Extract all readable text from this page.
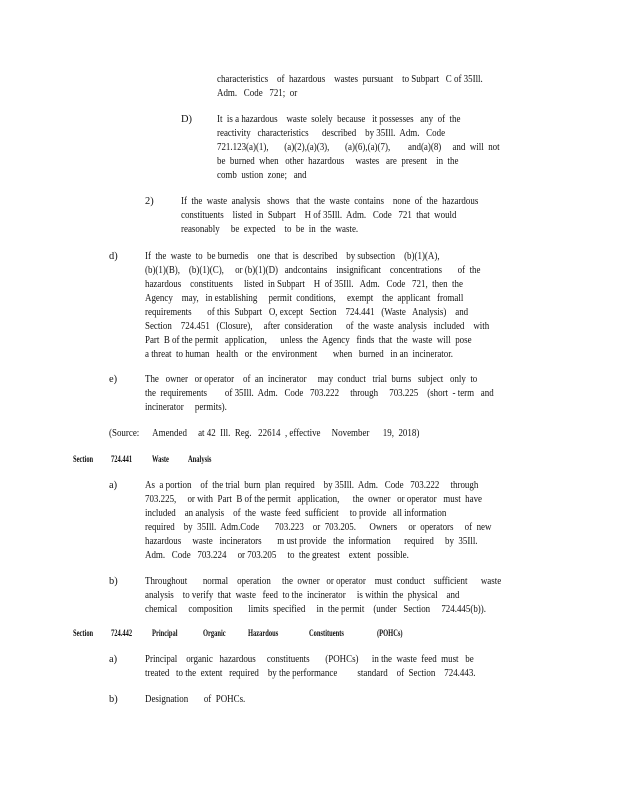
characteristics    of  hazardous    wastes  pursuant    to Subpart   C of 35Ill.

Adm.   Code   721;  or

D) It  is a hazardous    waste  solely  because   it possesses   any  of  the

reactivity   characteristics      described    by 35Ill.  Adm.   Code

721.123(a)(1),       (a)(2),(a)(3),       (a)(6),(a)(7),        and(a)(8)     and  will  not

be  burned  when   other  hazardous     wastes   are  present    in  the

comb  ustion  zone;   and

2)	If  the  waste  analysis   shows   that  the  waste  contains    none  of  the  hazardous

constituents    listed  in  Subpart    H of 35Ill.  Adm.   Code   721  that  would

reasonably     be  expected    to  be  in  the  waste.

d)	If  the  waste  to  be burnedis    one  that  is  described    by subsection    (b)(1)(A),

(b)(1)(B),    (b)(1)(C),     or (b)(1)(D)   andcontains    insignificant    concentrations       of  the

hazardous    constituents     listed  in Subpart    H  of 35Ill.   Adm.   Code   721,  then  the

Agency    may,   in establishing     permit  conditions,     exempt    the  applicant   fromall

requirements       of this  Subpart   O, except   Section    724.441   (Waste   Analysis)    and

Section    724.451   (Closure),     after  consideration      of  the  waste  analysis   included    with

Part  B of the permit   application,      unless  the  Agency   finds  that  the  waste  will  pose

a threat  to human   health   or  the  environment       when   burned   in an  incinerator.

e)	The   owner   or operator    of  an  incinerator     may  conduct   trial  burns   subject   only  to

the  requirements        of 35Ill.  Adm.   Code   703.222     through     703.225    (short  - term   and

incinerator     permits).

(Source:      Amended     at 42  Ill.  Reg.   22614  , effective     November      19,  2018)

Section 724.441 Waste Analysis

a)	As  a portion    of  the trial  burn  plan  required    by 35Ill.  Adm.   Code   703.222     through

703.225,     or with  Part  B of the permit   application,      the  owner   or operator   must  have

included    an analysis    of  the  waste  feed  sufficient     to provide   all information

required    by  35Ill.  Adm.Code       703.223    or  703.205.      Owners     or  operators     of  new

hazardous     waste   incinerators       m ust provide   the  information      required     by  35Ill.

Adm.   Code   703.224     or 703.205     to  the greatest    extent   possible.

b)	Throughout       normal    operation     the  owner   or operator    must  conduct    sufficient      waste

analysis    to verify  that  waste   feed  to the  incinerator     is within  the  physical    and

chemical     composition       limits  specified     in  the permit    (under   Section     724.445(b)).

Section 724.442 Principal	Organic Hazardous	Constituents	(POHCs)

a)	Principal    organic   hazardous     constituents       (POHCs)      in the  waste  feed  must   be

treated   to the  extent   required    by the performance         standard    of  Section    724.443.

b)	Designation       of  POHCs.
